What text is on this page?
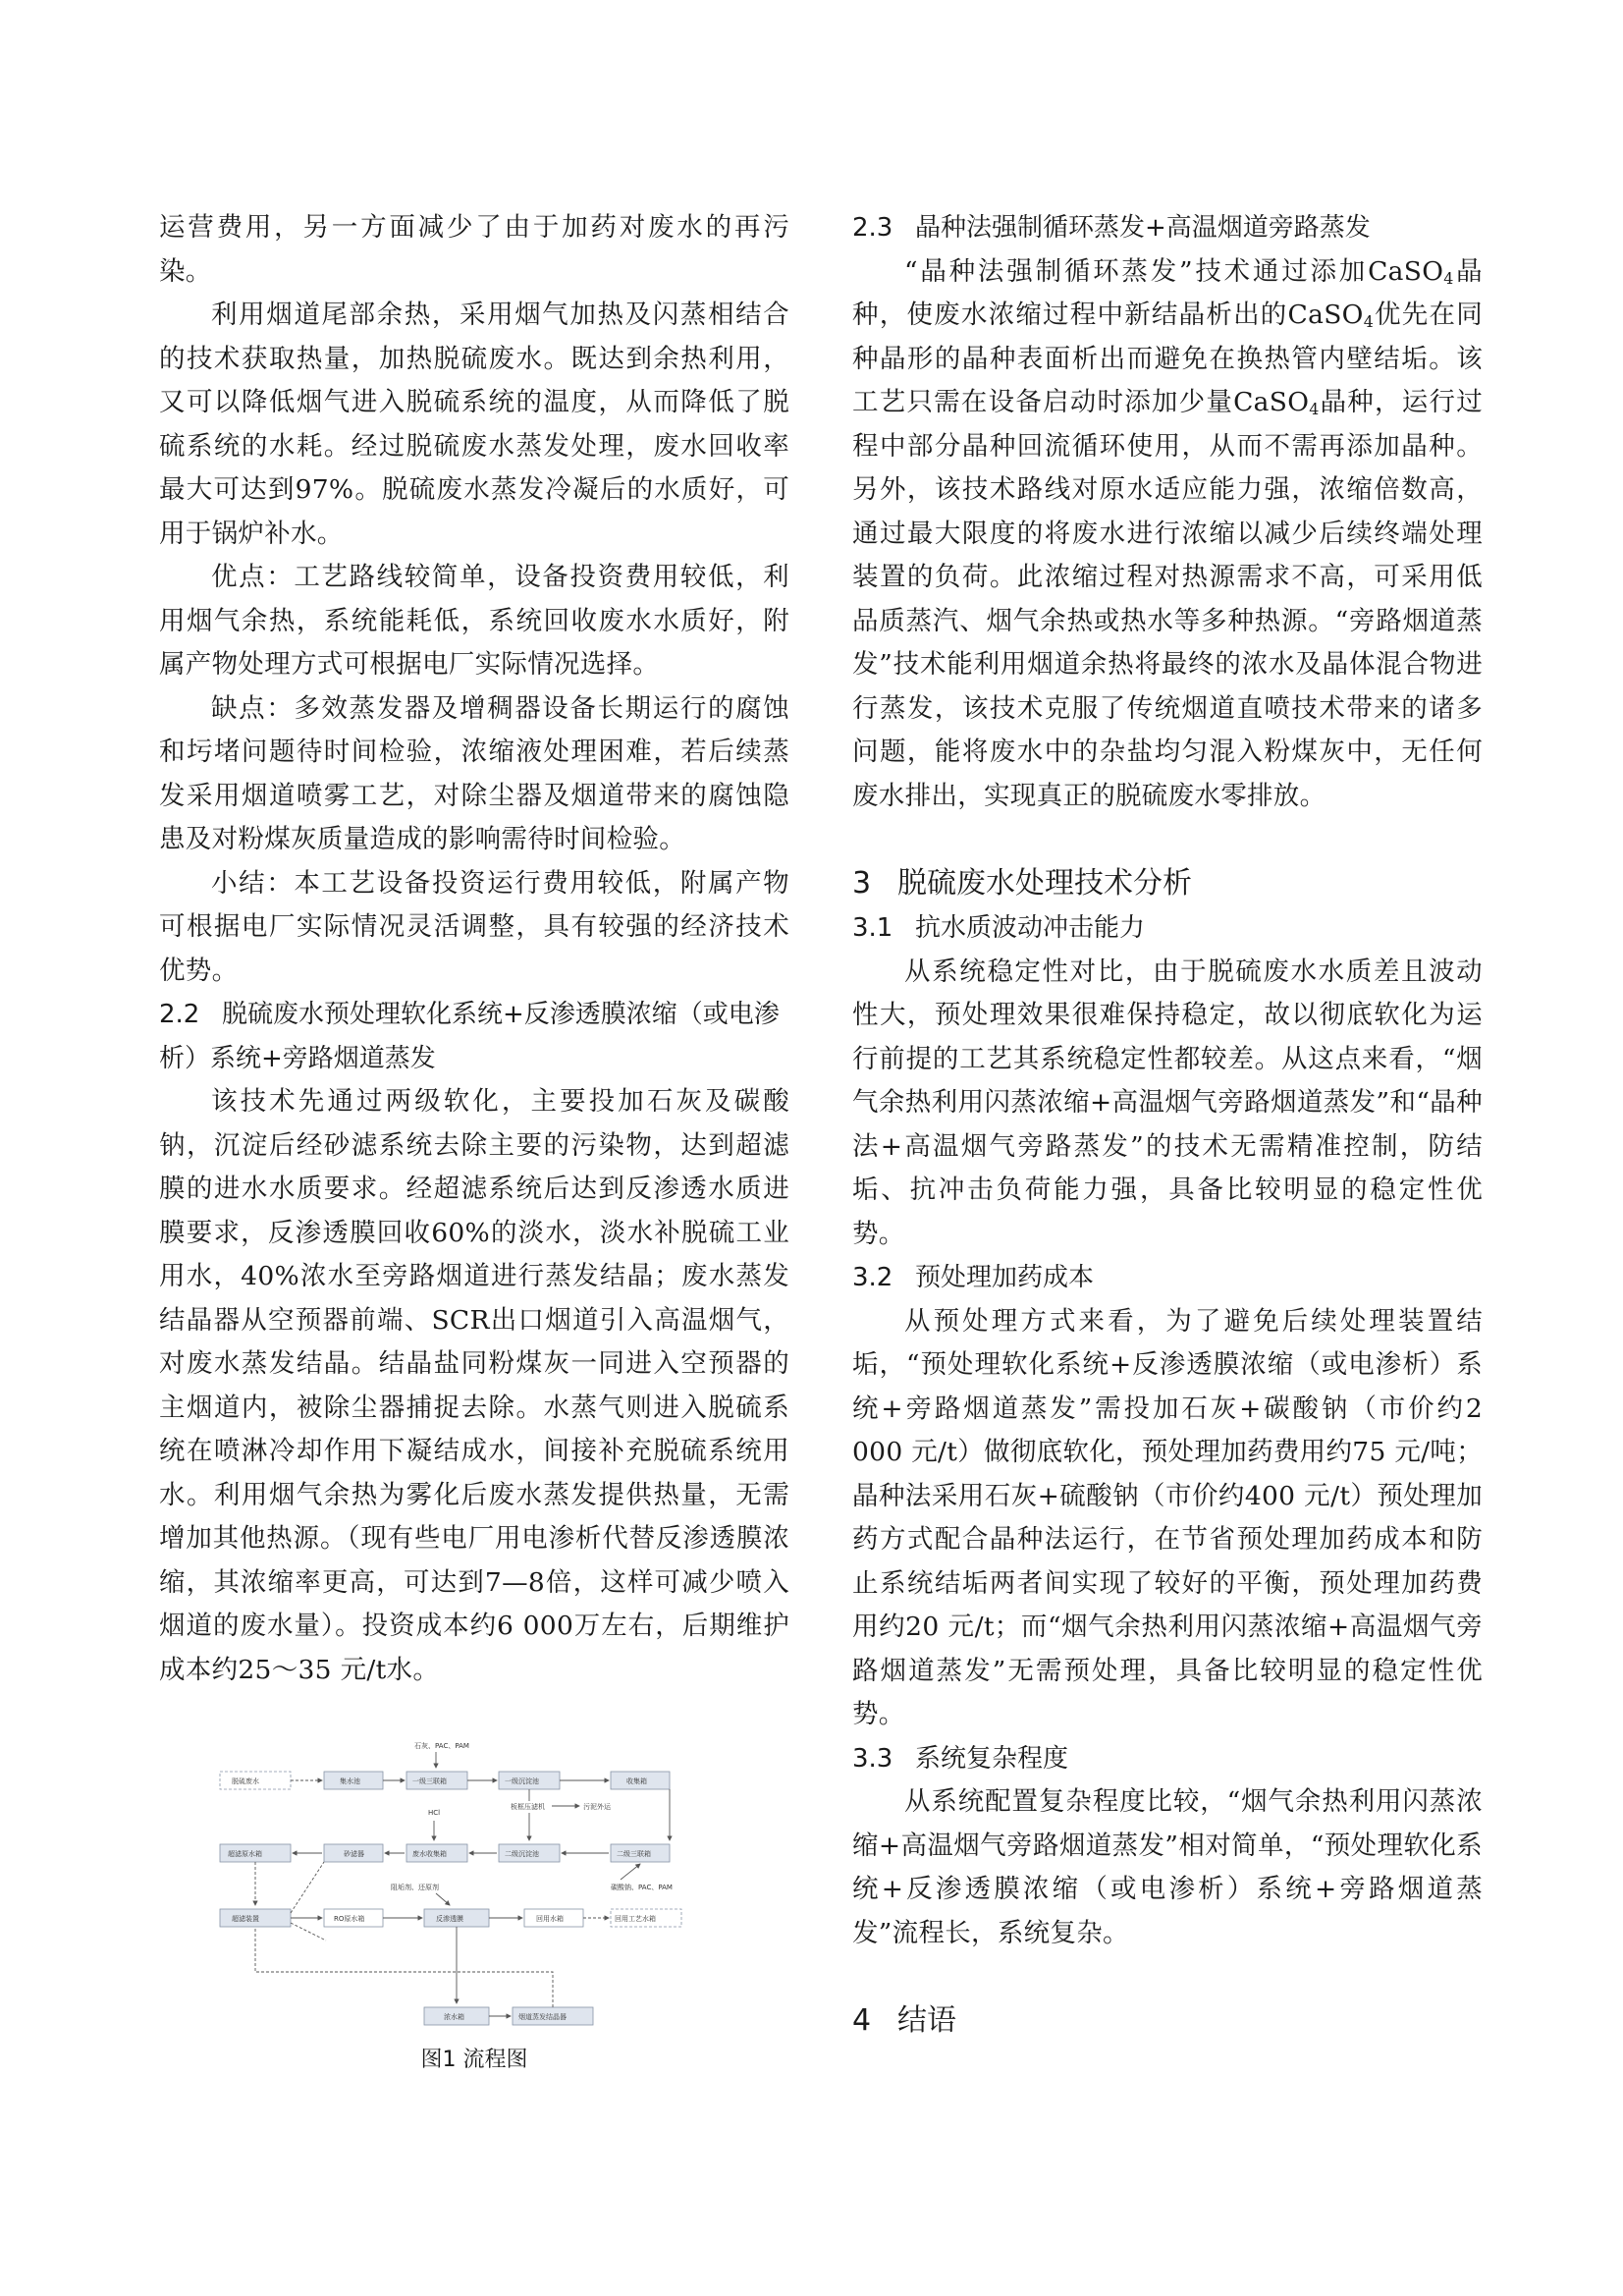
运营费用，另一方面减少了由于加药对废水的再污染。

利用烟道尾部余热，采用烟气加热及闪蒸相结合的技术获取热量，加热脱硫废水。既达到余热利用，又可以降低烟气进入脱硫系统的温度，从而降低了脱硫系统的水耗。经过脱硫废水蒸发处理，废水回收率最大可达到97%。脱硫废水蒸发冷凝后的水质好，可用于锅炉补水。

优点：工艺路线较简单，设备投资费用较低，利用烟气余热，系统能耗低，系统回收废水水质好，附属产物处理方式可根据电厂实际情况选择。

缺点：多效蒸发器及增稠器设备长期运行的腐蚀和圬堵问题待时间检验，浓缩液处理困难，若后续蒸发采用烟道喷雾工艺，对除尘器及烟道带来的腐蚀隐患及对粉煤灰质量造成的影响需待时间检验。

小结：本工艺设备投资运行费用较低，附属产物可根据电厂实际情况灵活调整，具有较强的经济技术优势。

2.2 脱硫废水预处理软化系统+反渗透膜浓缩（或电渗析）系统+旁路烟道蒸发

该技术先通过两级软化，主要投加石灰及碳酸钠，沉淀后经砂滤系统去除主要的污染物，达到超滤膜的进水水质要求。经超滤系统后达到反渗透水质进膜要求，反渗透膜回收60%的淡水，淡水补脱硫工业用水，40%浓水至旁路烟道进行蒸发结晶；废水蒸发结晶器从空预器前端、SCR出口烟道引入高温烟气，对废水蒸发结晶。结晶盐同粉煤灰一同进入空预器的主烟道内，被除尘器捕捉去除。水蒸气则进入脱硫系统在喷淋冷却作用下凝结成水，间接补充脱硫系统用水。利用烟气余热为雾化后废水蒸发提供热量，无需增加其他热源。（现有些电厂用电渗析代替反渗透膜浓缩，其浓缩率更高，可达到7—8倍，这样可减少喷入烟道的废水量）。投资成本约6 000万左右，后期维护成本约25～35 元/t水。

石灰、PAC、PAM
脱硫废水	集水池	一级三联箱	一级沉淀池	收集箱
HCl
板框压滤机	污泥外运
超滤原水箱	砂滤器	废水收集箱	二级沉淀池	二级三联箱
阻垢剂、还原剂	碳酸钠、PAC、PAM
超滤装置	RO原水箱	反渗透膜	回用水箱	回用工艺水箱
浓水箱	烟道蒸发结晶器
图1 流程图
2.3 晶种法强制循环蒸发+高温烟道旁路蒸发

“晶种法强制循环蒸发”技术通过添加CaSO$_4$晶种，使废水浓缩过程中新结晶析出的CaSO$_4$优先在同种晶形的晶种表面析出而避免在换热管内壁结垢。该工艺只需在设备启动时添加少量CaSO$_4$晶种，运行过程中部分晶种回流循环使用，从而不需再添加晶种。另外，该技术路线对原水适应能力强，浓缩倍数高，通过最大限度的将废水进行浓缩以减少后续终端处理装置的负荷。此浓缩过程对热源需求不高，可采用低品质蒸汽、烟气余热或热水等多种热源。“旁路烟道蒸发”技术能利用烟道余热将最终的浓水及晶体混合物进行蒸发，该技术克服了传统烟道直喷技术带来的诸多问题，能将废水中的杂盐均匀混入粉煤灰中，无任何废水排出，实现真正的脱硫废水零排放。

3 脱硫废水处理技术分析
3.1 抗水质波动冲击能力

从系统稳定性对比，由于脱硫废水水质差且波动性大，预处理效果很难保持稳定，故以彻底软化为运行前提的工艺其系统稳定性都较差。从这点来看，“烟气余热利用闪蒸浓缩+高温烟气旁路烟道蒸发”和“晶种法+高温烟气旁路蒸发”的技术无需精准控制，防结垢、抗冲击负荷能力强，具备比较明显的稳定性优势。

3.2 预处理加药成本

从预处理方式来看，为了避免后续处理装置结垢，“预处理软化系统+反渗透膜浓缩（或电渗析）系统+旁路烟道蒸发”需投加石灰+碳酸钠（市价约2 000 元/t）做彻底软化，预处理加药费用约75 元/吨；晶种法采用石灰+硫酸钠（市价约400 元/t）预处理加药方式配合晶种法运行，在节省预处理加药成本和防止系统结垢两者间实现了较好的平衡，预处理加药费用约20 元/t；而“烟气余热利用闪蒸浓缩+高温烟气旁路烟道蒸发”无需预处理，具备比较明显的稳定性优势。

3.3 系统复杂程度

从系统配置复杂程度比较，“烟气余热利用闪蒸浓缩+高温烟气旁路烟道蒸发”相对简单，“预处理软化系统+反渗透膜浓缩（或电渗析）系统+旁路烟道蒸发”流程长，系统复杂。

4 结语
